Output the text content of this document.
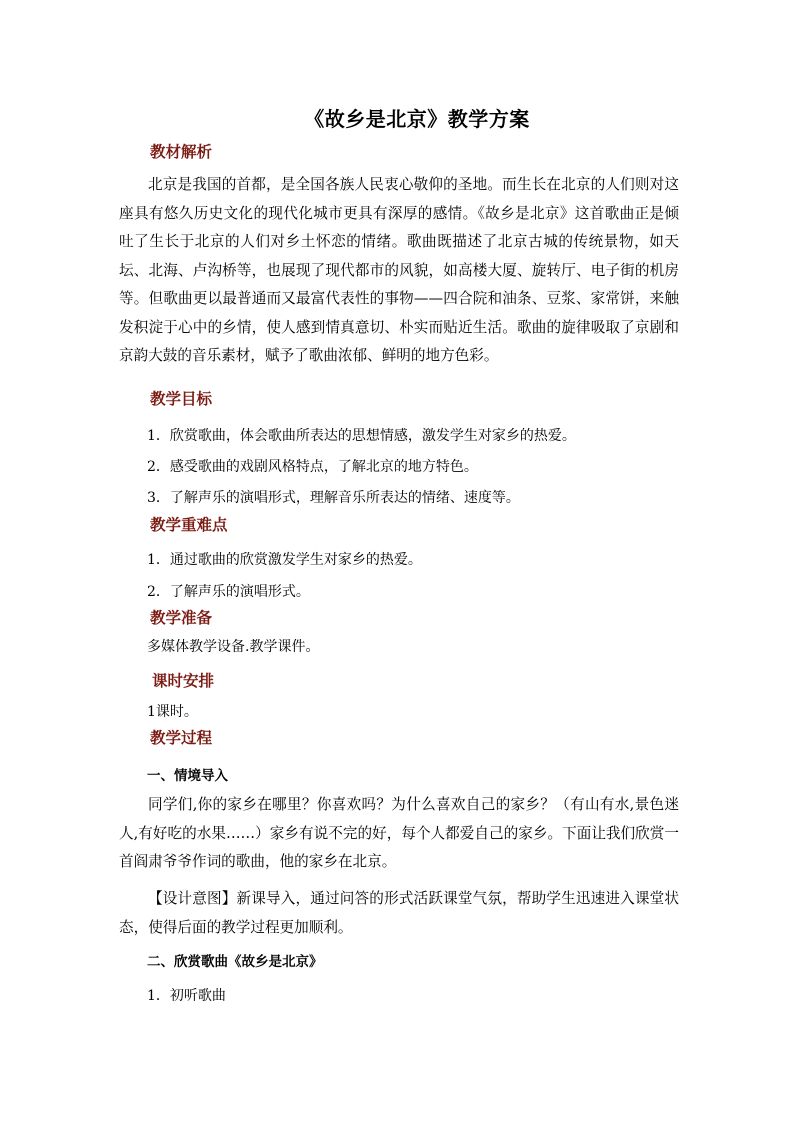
《故乡是北京》教学方案
教材解析
北京是我国的首都，是全国各族人民衷心敬仰的圣地。而生长在北京的人们则对这座具有悠久历史文化的现代化城市更具有深厚的感情。《故乡是北京》这首歌曲正是倾吐了生长于北京的人们对乡土怀恋的情绪。歌曲既描述了北京古城的传统景物，如天坛、北海、卢沟桥等，也展现了现代都市的风貌，如高楼大厦、旋转厅、电子街的机房等。但歌曲更以最普通而又最富代表性的事物——四合院和油条、豆浆、家常饼，来触发积淀于心中的乡情，使人感到情真意切、朴实而贴近生活。歌曲的旋律吸取了京剧和京韵大鼓的音乐素材，赋予了歌曲浓郁、鲜明的地方色彩。
教学目标
1．欣赏歌曲，体会歌曲所表达的思想情感，激发学生对家乡的热爱。
2．感受歌曲的戏剧风格特点，了解北京的地方特色。
3．了解声乐的演唱形式，理解音乐所表达的情绪、速度等。
教学重难点
1．通过歌曲的欣赏激发学生对家乡的热爱。
2．了解声乐的演唱形式。
教学准备
多媒体教学设备.教学课件。
课时安排
1课时。
教学过程
一、情境导入
同学们,你的家乡在哪里？你喜欢吗？为什么喜欢自己的家乡？（有山有水,景色迷人,有好吃的水果……）家乡有说不完的好，每个人都爱自己的家乡。下面让我们欣赏一首阎肃爷爷作词的歌曲，他的家乡在北京。
【设计意图】新课导入，通过问答的形式活跃课堂气氛，帮助学生迅速进入课堂状态，使得后面的教学过程更加顺利。
二、欣赏歌曲《故乡是北京》
1．初听歌曲
